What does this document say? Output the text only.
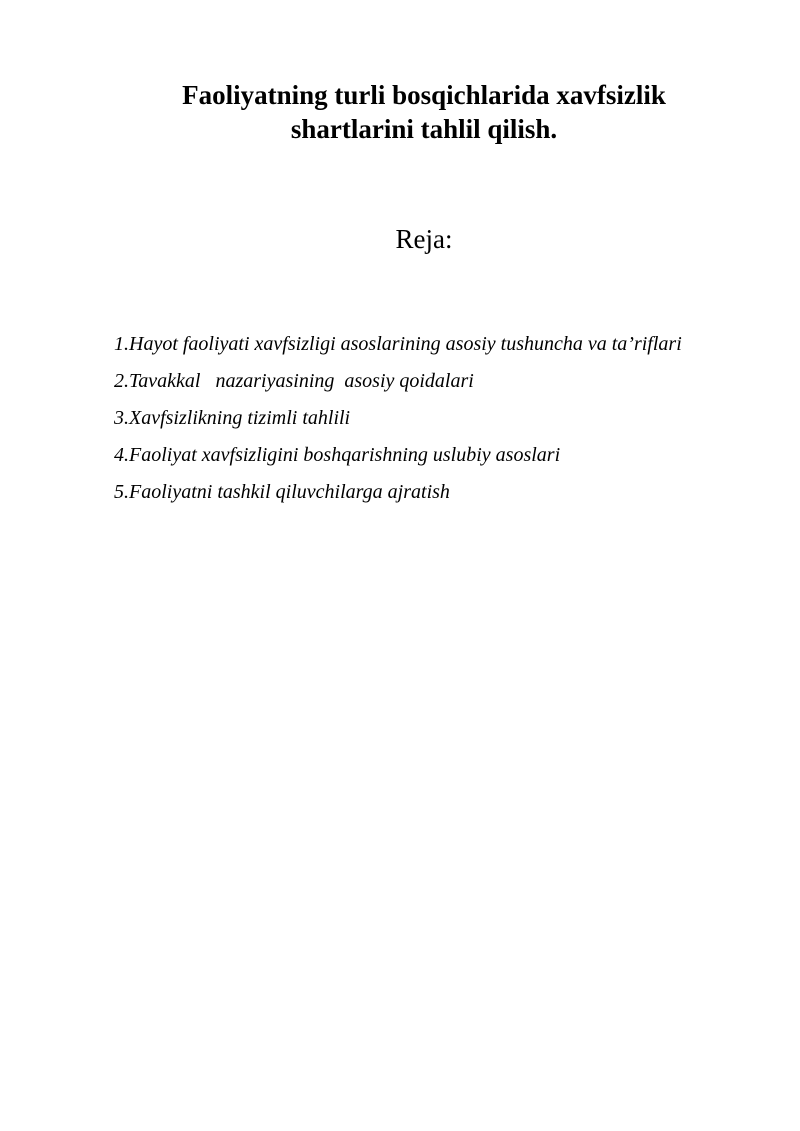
Faoliyatning turli bosqichlarida xavfsizlik
shartlarini tahlil qilish.
Reja:
1.Hayot faoliyati xavfsizligi asoslarining asosiy tushuncha va ta’riflari
2.Tavakkal   nazariyasining  asosiy qoidalari
3.Xavfsizlikning tizimli tahlili
4.Faoliyat xavfsizligini boshqarishning uslubiy asoslari
5.Faoliyatni tashkil qiluvchilarga ajratish
